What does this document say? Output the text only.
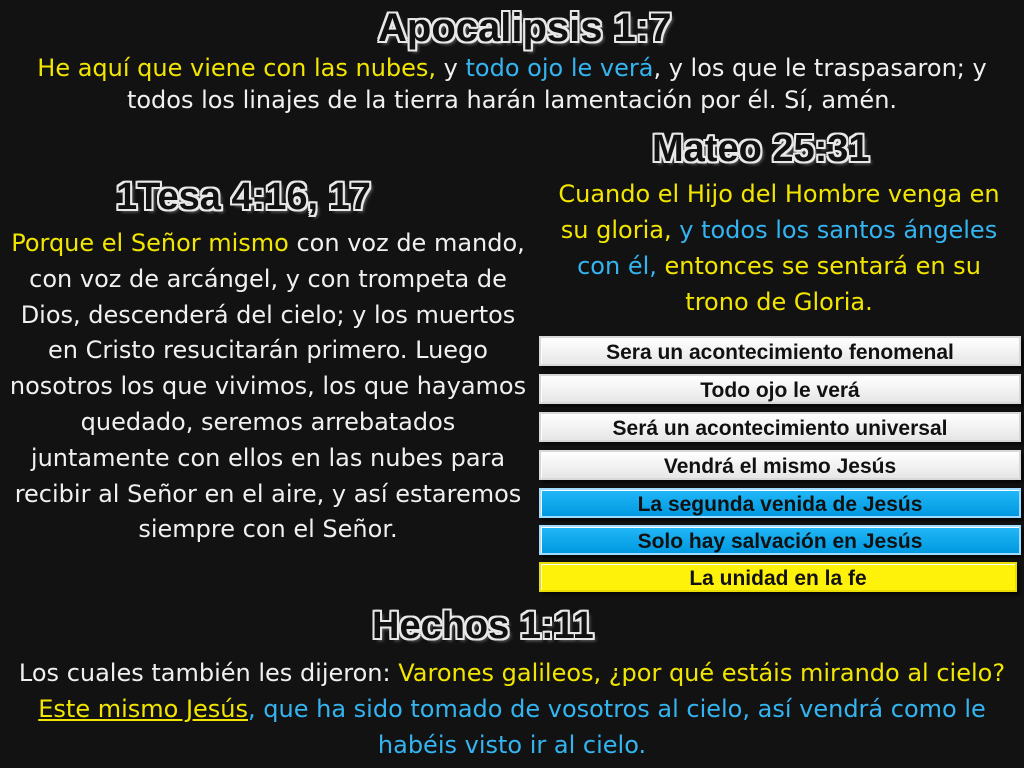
Apocalipsis 1:7

He aquí que viene con las nubes, y todo ojo le verá, y los que le traspasaron; y todos los linajes de la tierra harán lamentación por él. Sí, amén.

Mateo 25:31

Cuando el Hijo del Hombre venga en su gloria, y todos los santos ángeles con él, entonces se sentará en su trono de Gloria.

1Tesa 4:16, 17

Porque el Señor mismo con voz de mando, con voz de arcángel, y con trompeta de Dios, descenderá del cielo; y los muertos en Cristo resucitarán primero. Luego nosotros los que vivimos, los que hayamos quedado, seremos arrebatados juntamente con ellos en las nubes para recibir al Señor en el aire, y así estaremos siempre con el Señor.

Sera un acontecimiento fenomenal
Todo ojo le verá
Será un acontecimiento universal
Vendrá el mismo Jesús
La segunda venida de Jesús
Solo hay salvación en Jesús
La unidad en la fe
Hechos 1:11

Los cuales también les dijeron: Varones galileos, ¿por qué estáis mirando al cielo? Este mismo Jesús, que ha sido tomado de vosotros al cielo, así vendrá como le habéis visto ir al cielo.
